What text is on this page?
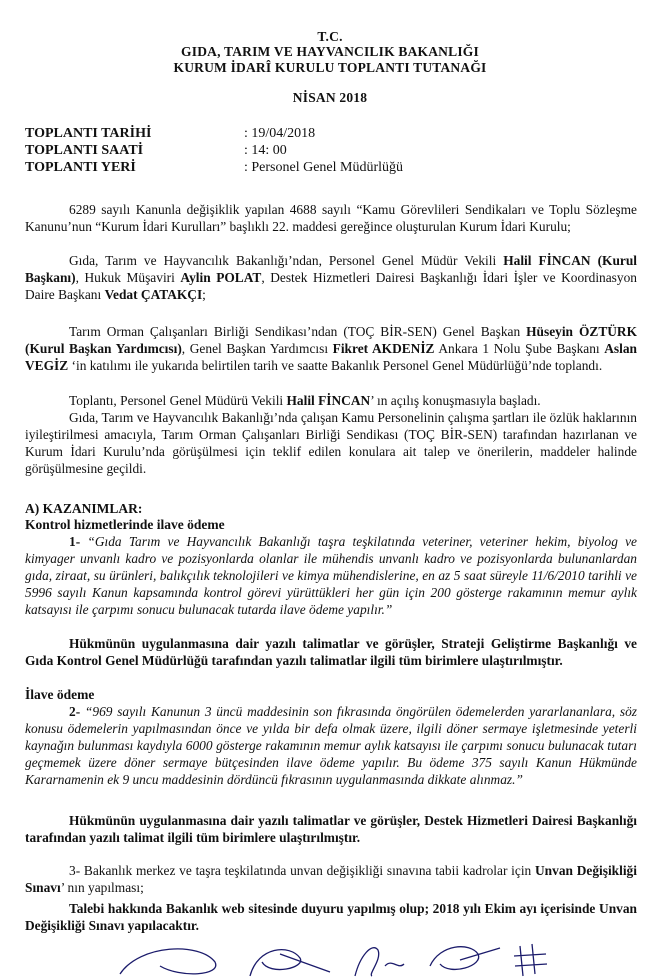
T.C.
GIDA, TARIM VE HAYVANCILIK BAKANLIĞI
KURUM İDARÎ KURULU TOPLANTI TUTANAĞI
NİSAN 2018
TOPLANTI TARİHİ	: 19/04/2018
TOPLANTI SAATİ	: 14: 00
TOPLANTI YERİ	: Personel Genel Müdürlüğü
6289 sayılı Kanunla değişiklik yapılan 4688 sayılı “Kamu Görevlileri Sendikaları ve Toplu Sözleşme Kanunu’nun “Kurum İdari Kurulları” başlıklı 22. maddesi gereğince oluşturulan Kurum İdari Kurulu;
Gıda, Tarım ve Hayvancılık Bakanlığı’ndan, Personel Genel Müdür Vekili Halil FİNCAN (Kurul Başkanı), Hukuk Müşaviri Aylin POLAT, Destek Hizmetleri Dairesi Başkanlığı İdari İşler ve Koordinasyon Daire Başkanı Vedat ÇATAKÇI;
Tarım Orman Çalışanları Birliği Sendikası’ndan (TOÇ BİR-SEN) Genel Başkan Hüseyin ÖZTÜRK (Kurul Başkan Yardımcısı), Genel Başkan Yardımcısı Fikret AKDENİZ Ankara 1 Nolu Şube Başkanı Aslan VEGİZ ‘in katılımı ile yukarıda belirtilen tarih ve saatte Bakanlık Personel Genel Müdürlüğü’nde toplandı.
Toplantı, Personel Genel Müdürü Vekili Halil FİNCAN’ ın açılış konuşmasıyla başladı.
Gıda, Tarım ve Hayvancılık Bakanlığı’nda çalışan Kamu Personelinin çalışma şartları ile özlük haklarının iyileştirilmesi amacıyla, Tarım Orman Çalışanları Birliği Sendikası (TOÇ BİR-SEN) tarafından hazırlanan ve Kurum İdari Kurulu’nda görüşülmesi için teklif edilen konulara ait talep ve önerilerin, maddeler halinde görüşülmesine geçildi.
A) KAZANIMLAR:
Kontrol hizmetlerinde ilave ödeme
1- “Gıda Tarım ve Hayvancılık Bakanlığı taşra teşkilatında veteriner, veteriner hekim, biyolog ve kimyager unvanlı kadro ve pozisyonlarda olanlar ile mühendis unvanlı kadro ve pozisyonlarda bulunanlardan gıda, ziraat, su ürünleri, balıkçılık teknolojileri ve kimya mühendislerine, en az 5 saat süreyle 11/6/2010 tarihli ve 5996 sayılı Kanun kapsamında kontrol görevi yürüttükleri her gün için 200 gösterge rakamının memur aylık katsayısı ile çarpımı sonucu bulunacak tutarda ilave ödeme yapılır.”
Hükmünün uygulanmasına dair yazılı talimatlar ve görüşler, Strateji Geliştirme Başkanlığı ve Gıda Kontrol Genel Müdürlüğü tarafından yazılı talimatlar ilgili tüm birimlere ulaştırılmıştır.
İlave ödeme
2- “969 sayılı Kanunun 3 üncü maddesinin son fıkrasında öngörülen ödemelerden yararlananlara, söz konusu ödemelerin yapılmasından önce ve yılda bir defa olmak üzere, ilgili döner sermaye işletmesinde yeterli kaynağın bulunması kaydıyla 6000 gösterge rakamının memur aylık katsayısı ile çarpımı sonucu bulunacak tutarı geçmemek üzere döner sermaye bütçesinden ilave ödeme yapılır. Bu ödeme 375 sayılı Kanun Hükmünde Kararnamenin ek 9 uncu maddesinin dördüncü fıkrasının uygulanmasında dikkate alınmaz.”
Hükmünün uygulanmasına dair yazılı talimatlar ve görüşler, Destek Hizmetleri Dairesi Başkanlığı tarafından yazılı talimat ilgili tüm birimlere ulaştırılmıştır.
3- Bakanlık merkez ve taşra teşkilatında unvan değişikliği sınavına tabii kadrolar için Unvan Değişikliği Sınavı’ nın yapılması;
Talebi hakkında Bakanlık web sitesinde duyuru yapılmış olup; 2018 yılı Ekim ayı içerisinde Unvan Değişikliği Sınavı yapılacaktır.
